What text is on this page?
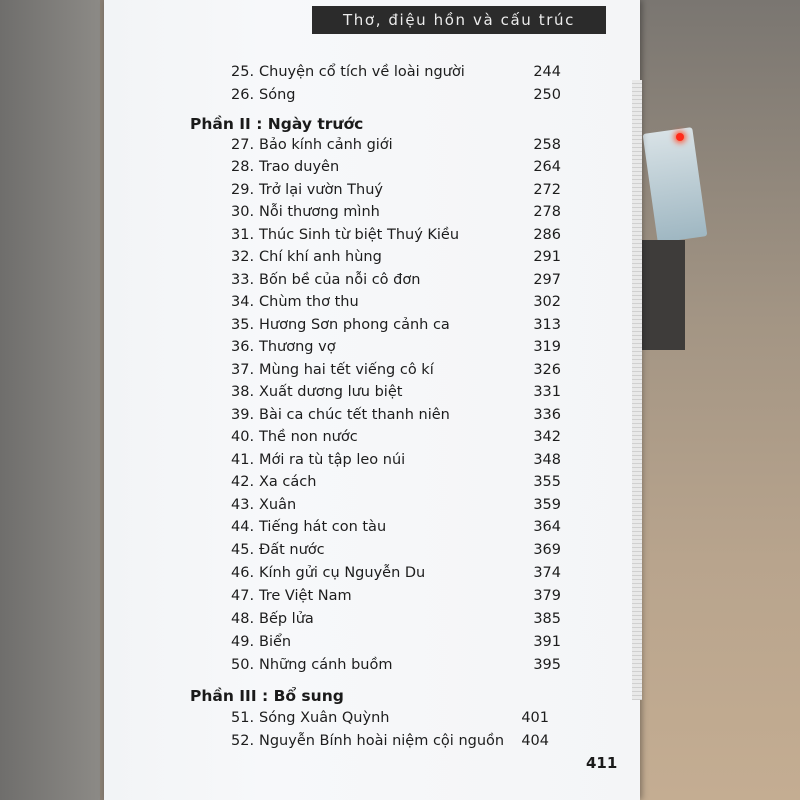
Thơ, điệu hồn và cấu trúc
25. Chuyện cổ tích về loài người	244
26. Sóng	250
Phần II : Ngày trước
27. Bảo kính cảnh giới	258
28. Trao duyên	264
29. Trở lại vườn Thuý	272
30. Nỗi thương mình	278
31. Thúc Sinh từ biệt Thuý Kiều	286
32. Chí khí anh hùng	291
33. Bốn bề của nỗi cô đơn	297
34. Chùm thơ thu	302
35. Hương Sơn phong cảnh ca	313
36. Thương vợ	319
37. Mùng hai tết viếng cô kí	326
38. Xuất dương lưu biệt	331
39. Bài ca chúc tết thanh niên	336
40. Thề non nước	342
41. Mới ra tù tập leo núi	348
42. Xa cách	355
43. Xuân	359
44. Tiếng hát con tàu	364
45. Đất nước	369
46. Kính gửi cụ Nguyễn Du	374
47. Tre Việt Nam	379
48. Bếp lửa	385
49. Biển	391
50. Những cánh buồm	395
Phần III : Bổ sung
51. Sóng Xuân Quỳnh	401
52. Nguyễn Bính hoài niệm cội nguồn 404
411
